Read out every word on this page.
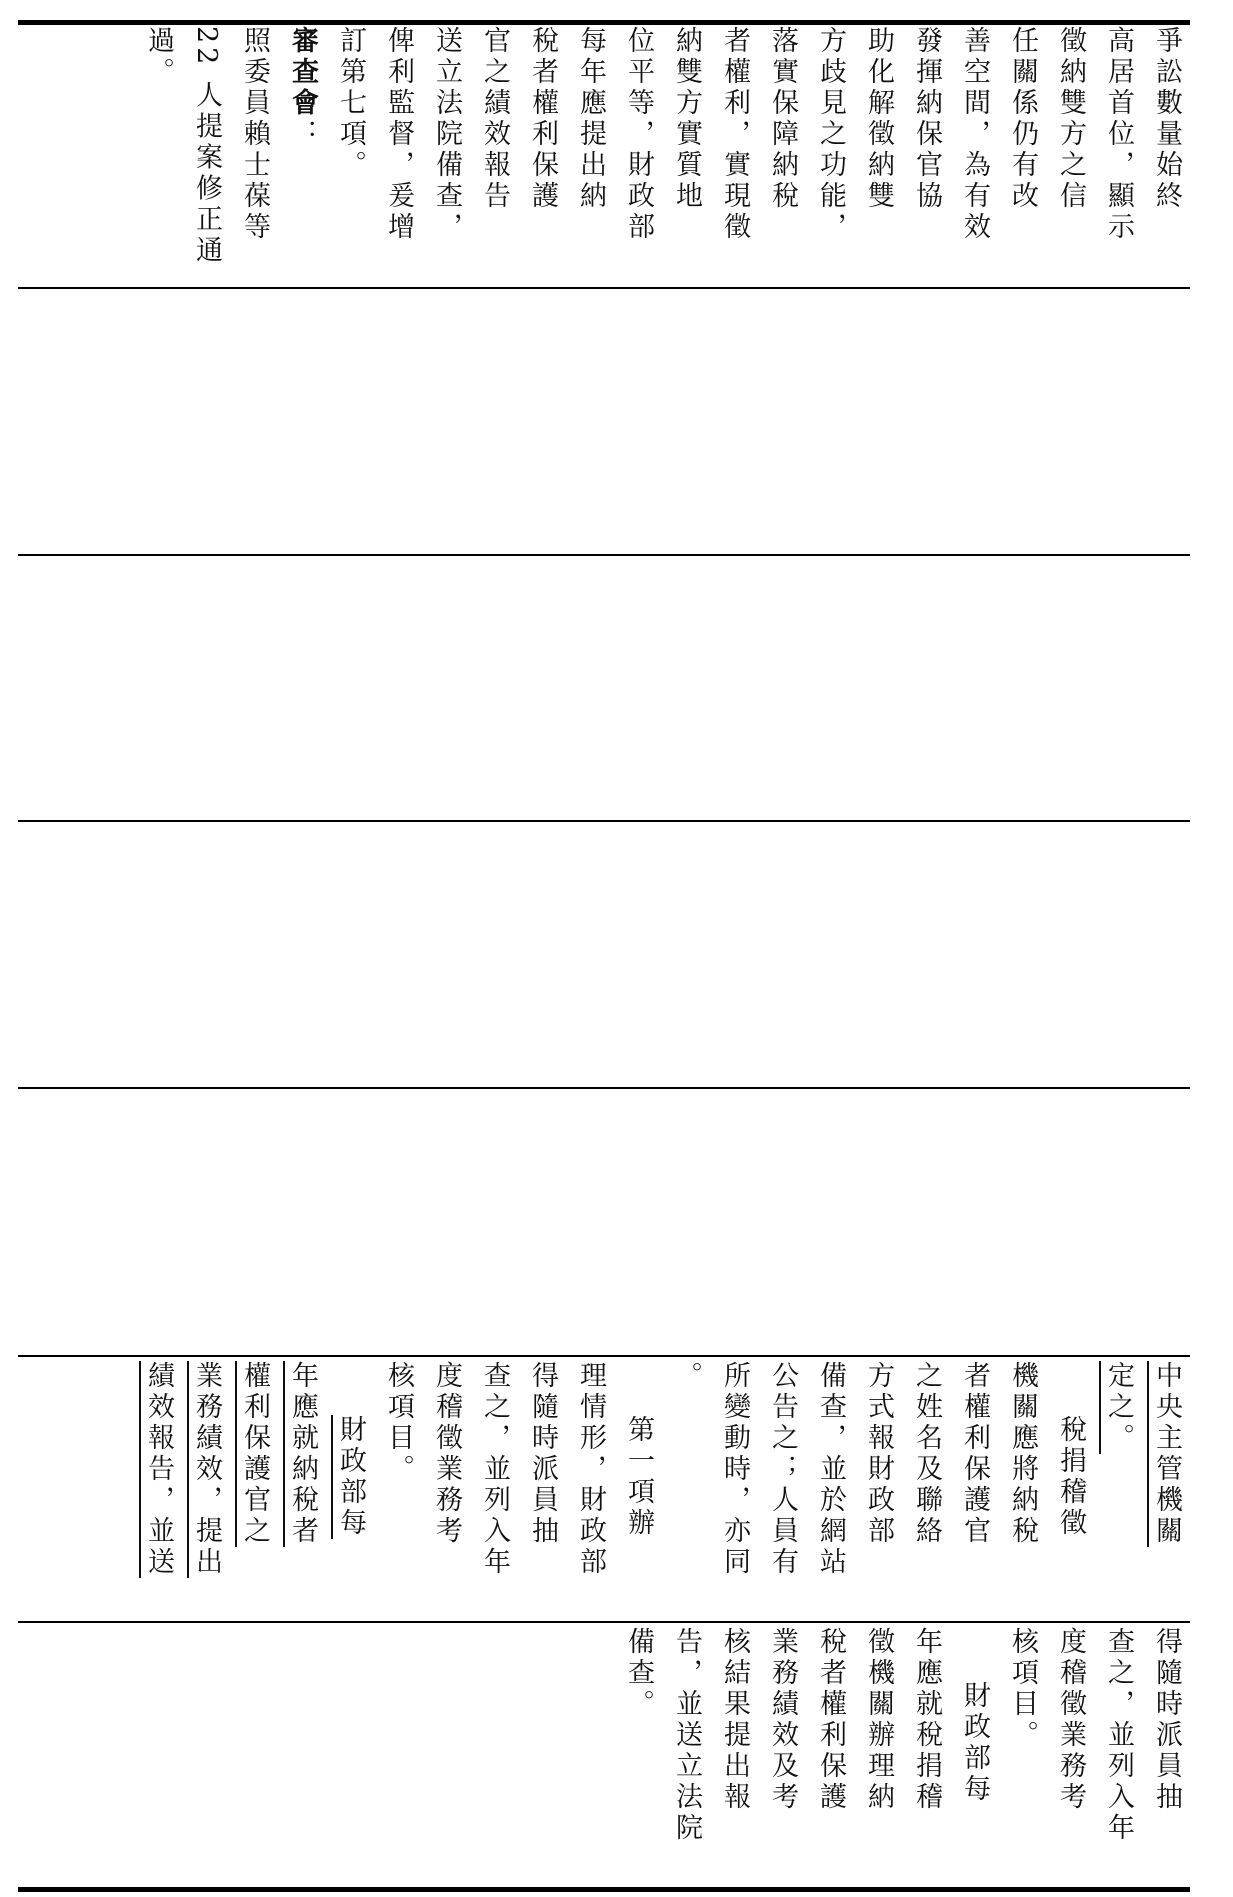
爭訟數量始終

高居首位，顯示

徵納雙方之信

任關係仍有改

善空間，為有效

發揮納保官協

助化解徵納雙

方歧見之功能，

落實保障納稅

者權利，實現徵

納雙方實質地

位平等，財政部

每年應提出納

稅者權利保護

官之績效報告

送立法院備查，

俾利監督，爰增

訂第七項。

審查會：

照委員賴士葆等

22 人提案修正通

過。

中央主管機關

定之。

稅捐稽徵

機關應將納稅

者權利保護官

之姓名及聯絡

方式報財政部

備查，並於網站

公告之；人員有

所變動時，亦同

。

第一項辦

理情形，財政部

得隨時派員抽

查之，並列入年

度稽徵業務考

核項目。

財政部每

年應就納稅者

權利保護官之

業務績效，提出

績效報告，並送

得隨時派員抽

查之，並列入年

度稽徵業務考

核項目。

財政部每

年應就稅捐稽

徵機關辦理納

稅者權利保護

業務績效及考

核結果提出報

告，並送立法院

備查。
